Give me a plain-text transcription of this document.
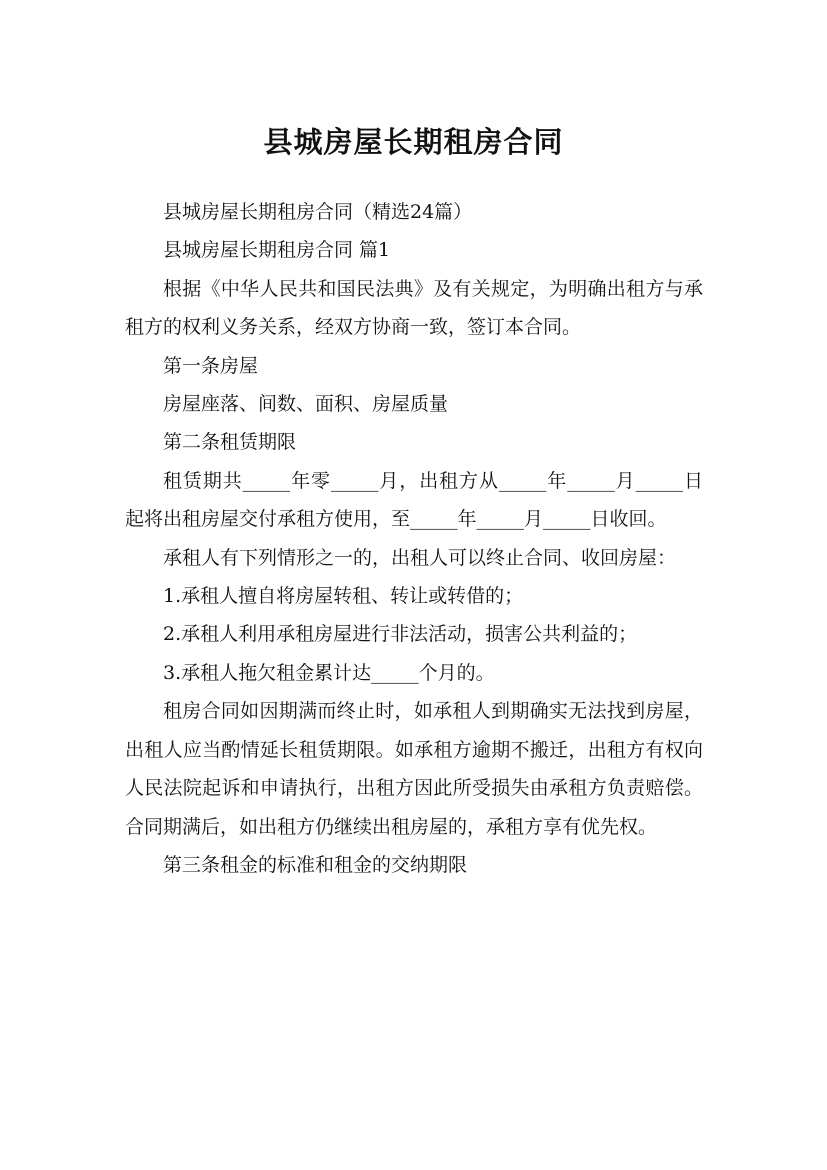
县城房屋长期租房合同

县城房屋长期租房合同（精选24篇）

县城房屋长期租房合同 篇1

根据《中华人民共和国民法典》及有关规定，为明确出租方与承租方的权利义务关系，经双方协商一致，签订本合同。

第一条房屋

房屋座落、间数、面积、房屋质量

第二条租赁期限

租赁期共_____年零_____月，出租方从_____年_____月_____日起将出租房屋交付承租方使用，至_____年_____月_____日收回。

承租人有下列情形之一的，出租人可以终止合同、收回房屋：

1.承租人擅自将房屋转租、转让或转借的；

2.承租人利用承租房屋进行非法活动，损害公共利益的；

3.承租人拖欠租金累计达_____个月的。

租房合同如因期满而终止时，如承租人到期确实无法找到房屋，出租人应当酌情延长租赁期限。如承租方逾期不搬迁，出租方有权向人民法院起诉和申请执行，出租方因此所受损失由承租方负责赔偿。合同期满后，如出租方仍继续出租房屋的，承租方享有优先权。

第三条租金的标准和租金的交纳期限
